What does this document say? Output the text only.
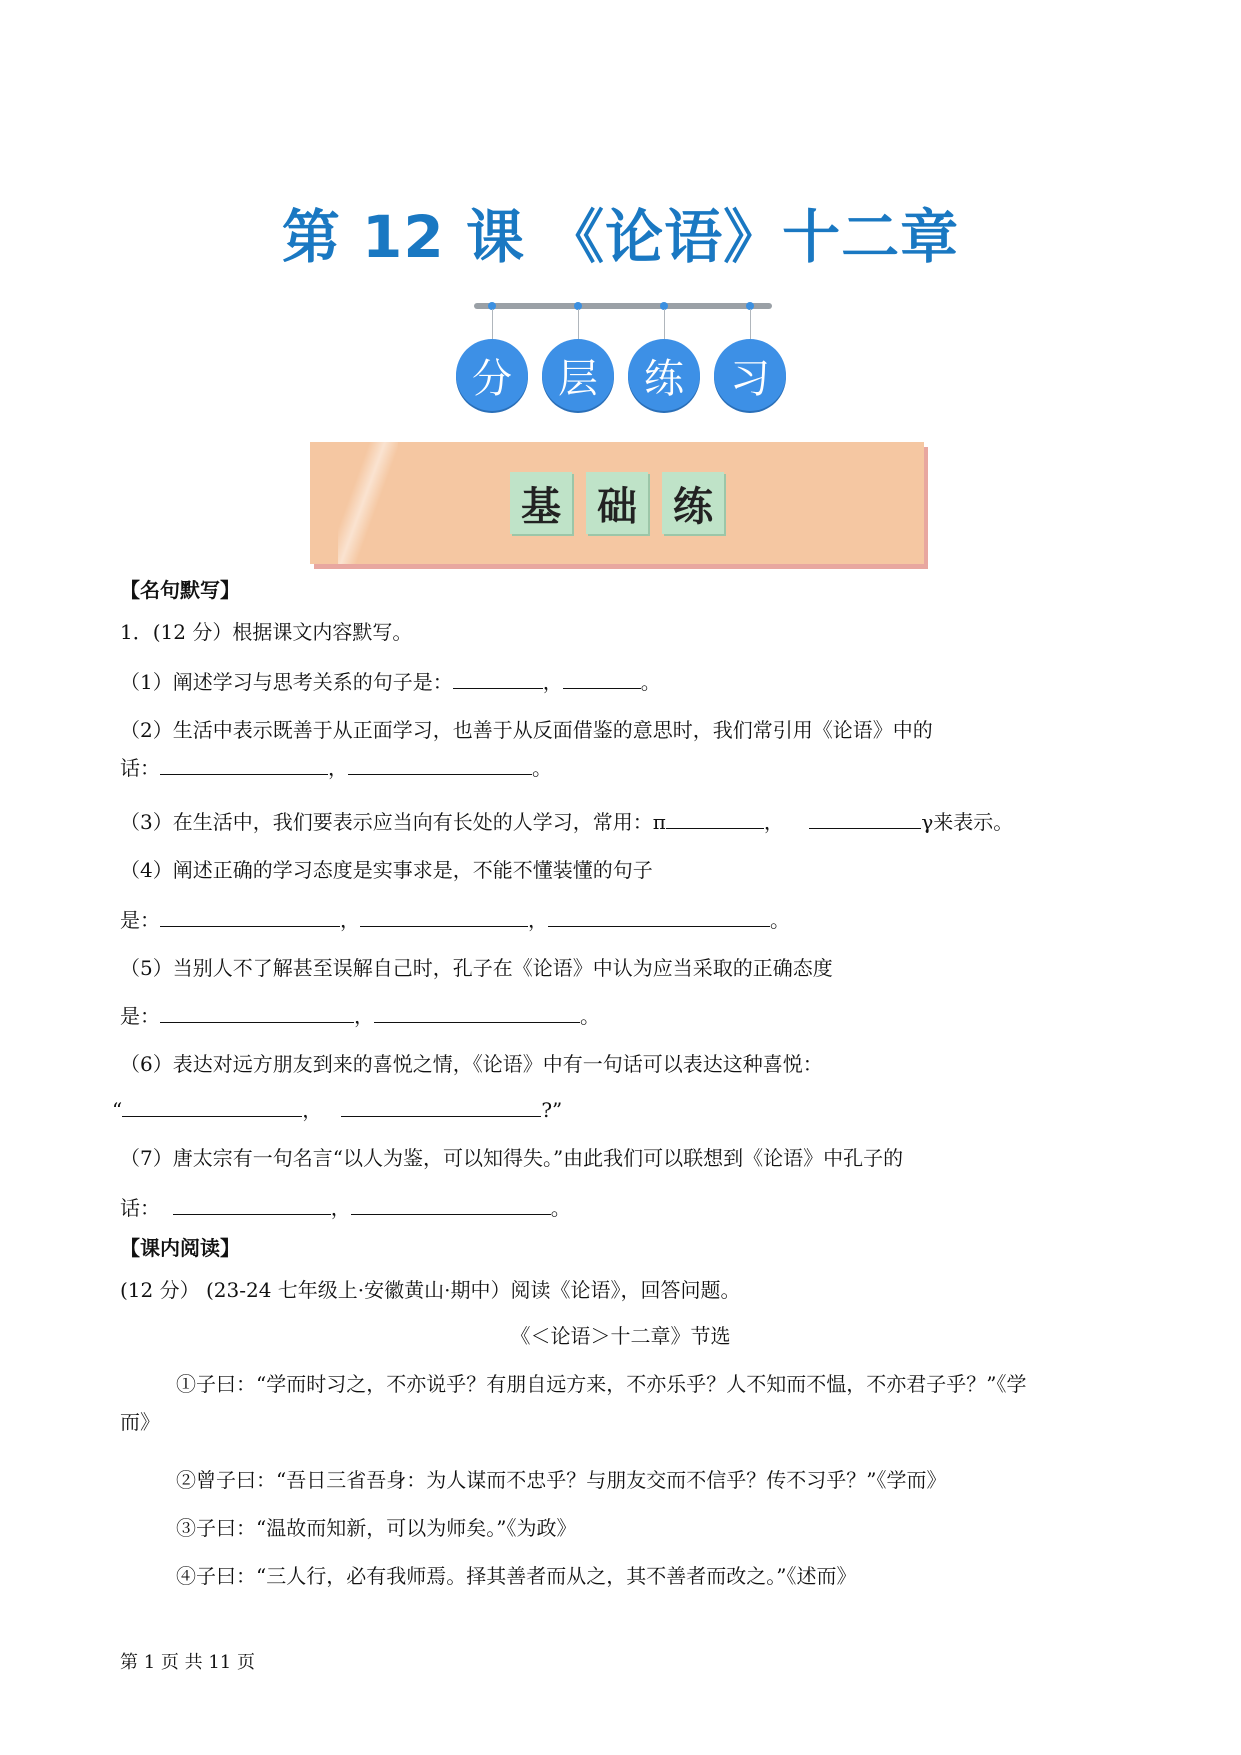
第 12 课 《论语》十二章
分	层	练	习
基 础 练
【名句默写】
1．(12 分）根据课文内容默写。
（1）阐述学习与思考关系的句子是：	，	。
（2）生活中表示既善于从正面学习，也善于从反面借鉴的意思时，我们常引用《论语》中的
话：	，	。
（3）在生活中，我们要表示应当向有长处的人学习，常用：π	，	γ来表示。
（4）阐述正确的学习态度是实事求是，不能不懂装懂的句子
是：	，	，	。
（5）当别人不了解甚至误解自己时，孔子在《论语》中认为应当采取的正确态度
是：	，	。
（6）表达对远方朋友到来的喜悦之情，《论语》中有一句话可以表达这种喜悦：
“	，	?”
（7）唐太宗有一句名言“以人为鉴，可以知得失。”由此我们可以联想到《论语》中孔子的
话：	，	。
【课内阅读】
(12 分） (23-24 七年级上·安徽黄山·期中）阅读《论语》，回答问题。
《＜论语＞十二章》节选
①子曰：“学而时习之，不亦说乎？有朋自远方来，不亦乐乎？人不知而不愠，不亦君子乎？”《学
而》
②曾子曰：“吾日三省吾身：为人谋而不忠乎？与朋友交而不信乎？传不习乎？”《学而》
③子曰：“温故而知新，可以为师矣。”《为政》
④子曰：“三人行，必有我师焉。择其善者而从之，其不善者而改之。”《述而》
第 1 页 共 11 页
